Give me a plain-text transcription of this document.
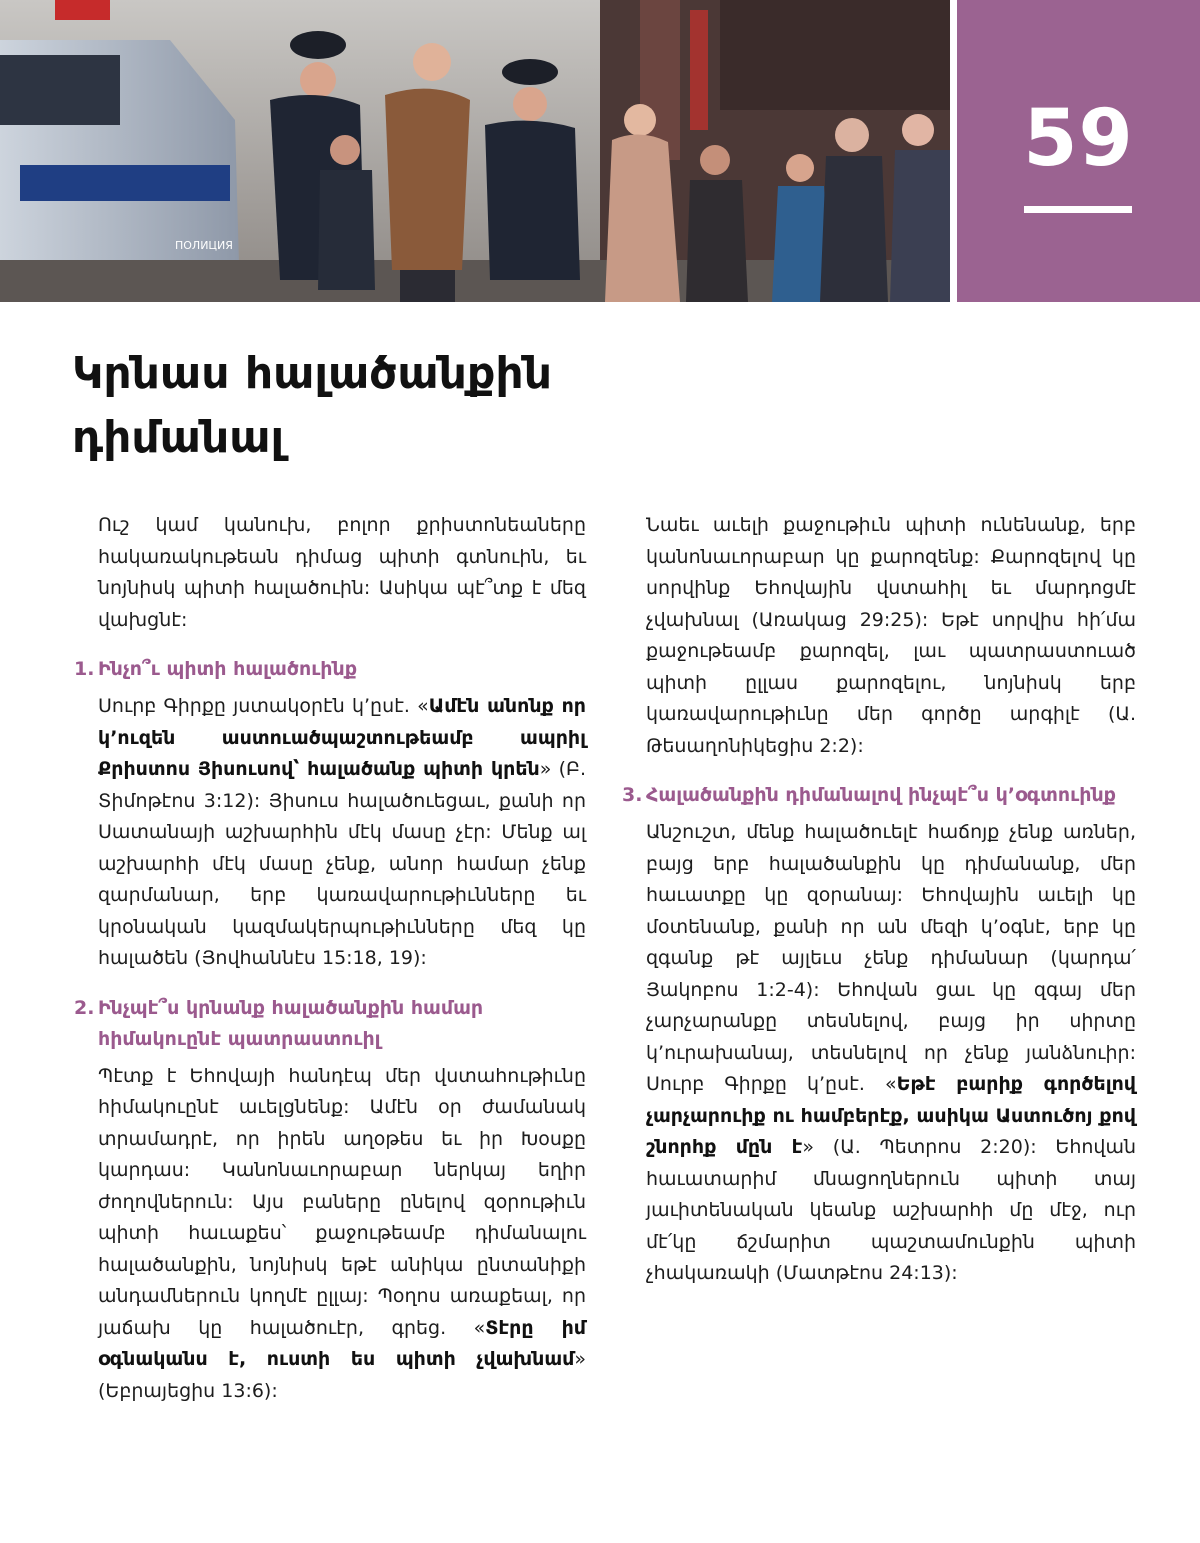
ПОЛИЦИЯ
59
Կրնաս հալածանքին դիմանալ

Ուշ կամ կանուխ, բոլոր քրիստոնեաները հակառակութեան դիմաց պիտի գտնուին, եւ նոյնիսկ պիտի հալածուին: Ասիկա պէ՞տք է մեզ վախցնէ:

1. Ինչո՞ւ պիտի հալածուինք

Սուրբ Գիրքը յստակօրէն կ’ըսէ. «Ամէն անոնք որ կ’ուզեն աստուածպաշտութեամբ ապրիլ Քրիստոս Յիսուսով՝ հալածանք պիտի կրեն» (Բ. Տիմոթէոս 3:12): Յիսուս հալածուեցաւ, քանի որ Սատանայի աշխարհին մէկ մասը չէր: Մենք ալ աշխարհի մէկ մասը չենք, անոր համար չենք զարմանար, երբ կառավարութիւնները եւ կրօնական կազմակերպութիւնները մեզ կը հալածեն (Յովհաննէս 15:18, 19):

2. Ինչպէ՞ս կրնանք հալածանքին համար հիմակուընէ պատրաստուիլ

Պէտք է Եհովայի հանդէպ մեր վստահութիւնը հիմակուընէ աւելցնենք: Ամէն օր ժամանակ տրամադրէ, որ իրեն աղօթես եւ իր Խօսքը կարդաս: Կանոնաւորաբար ներկայ եղիր ժողովներուն: Այս բաները ընելով զօրութիւն պիտի հաւաքես՝ քաջութեամբ դիմանալու հալածանքին, նոյնիսկ եթէ անիկա ընտանիքի անդամներուն կողմէ ըլլայ: Պօղոս առաքեալ, որ յաճախ կը հալածուէր, գրեց. «Տէրը իմ օգնականս է, ուստի ես պիտի չվախնամ» (Եբրայեցիս 13:6):

Նաեւ աւելի քաջութիւն պիտի ունենանք, երբ կանոնաւորաբար կը քարոզենք: Քարոզելով կը սորվինք Եհովային վստահիլ եւ մարդոցմէ չվախնալ (Առակաց 29:25): Եթէ սորվիս հի՛մա քաջութեամբ քարոզել, լաւ պատրաստուած պիտի ըլլաս քարոզելու, նոյնիսկ երբ կառավարութիւնը մեր գործը արգիլէ (Ա. Թեսաղոնիկեցիս 2:2):

3. Հալածանքին դիմանալով ինչպէ՞ս կ’օգտուինք

Անշուշտ, մենք հալածուելէ հաճոյք չենք առներ, բայց երբ հալածանքին կը դիմանանք, մեր հաւատքը կը զօրանայ: Եհովային աւելի կը մօտենանք, քանի որ ան մեզի կ’օգնէ, երբ կը զգանք թէ այլեւս չենք դիմանար (կարդա՛ Յակոբոս 1:2-4): Եհովան ցաւ կը զգայ մեր չարչարանքը տեսնելով, բայց իր սիրտը կ’ուրախանայ, տեսնելով որ չենք յանձնուիր: Սուրբ Գիրքը կ’ըսէ. «Եթէ բարիք գործելով չարչարուիք ու համբերէք, ասիկա Աստուծոյ քով շնորհք մըն է» (Ա. Պետրոս 2:20): Եհովան հաւատարիմ մնացողներուն պիտի տայ յաւիտենական կեանք աշխարհի մը մէջ, ուր մէ՛կը ճշմարիտ պաշտամունքին պիտի չհակառակի (Մատթէոս 24:13):
